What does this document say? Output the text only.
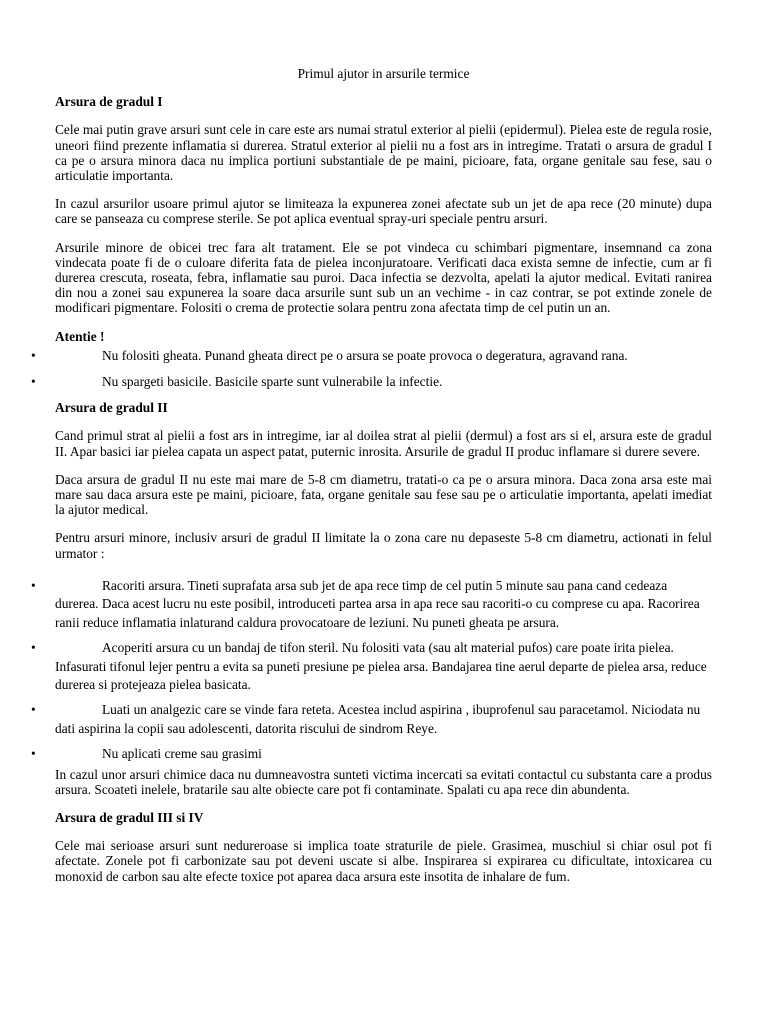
Primul ajutor in arsurile termice
Arsura de gradul I

Cele mai putin grave arsuri sunt cele in care este ars numai stratul exterior al pielii (epidermul). Pielea este de regula rosie, uneori fiind prezente inflamatia si durerea. Stratul exterior al pielii nu a fost ars in intregime. Tratati o arsura de gradul I ca pe o arsura minora daca nu implica portiuni substantiale de pe maini, picioare, fata, organe genitale sau fese, sau o articulatie importanta.

In cazul arsurilor usoare primul ajutor se limiteaza la expunerea zonei afectate sub un jet de apa rece (20 minute) dupa care se panseaza cu comprese sterile. Se pot aplica eventual spray-uri speciale pentru arsuri.

Arsurile minore de obicei trec fara alt tratament. Ele se pot vindeca cu schimbari pigmentare, insemnand ca zona vindecata poate fi de o culoare diferita fata de pielea inconjuratoare. Verificati daca exista semne de infectie, cum ar fi durerea crescuta, roseata, febra, inflamatie sau puroi. Daca infectia se dezvolta, apelati la ajutor medical. Evitati ranirea din nou a zonei sau expunerea la soare daca arsurile sunt sub un an vechime - in caz contrar, se pot extinde zonele de modificari pigmentare. Folositi o crema de protectie solara pentru zona afectata timp de cel putin un an.

Atentie !
•	Nu folositi gheata. Punand gheata direct pe o arsura se poate provoca o degeratura, agravand rana.
•	Nu spargeti basicile. Basicile sparte sunt vulnerabile la infectie.
Arsura de gradul II

Cand primul strat al pielii a fost ars in intregime, iar al doilea strat al pielii (dermul) a fost ars si el, arsura este de gradul II. Apar basici iar pielea capata un aspect patat, puternic inrosita. Arsurile de gradul II produc inflamare si durere severe.

Daca arsura de gradul II nu este mai mare de 5-8 cm diametru, tratati-o ca pe o arsura minora. Daca zona arsa este mai mare sau daca arsura este pe maini, picioare, fata, organe genitale sau fese sau pe o articulatie importanta, apelati imediat la ajutor medical.

Pentru arsuri minore, inclusiv arsuri de gradul II limitate la o zona care nu depaseste 5-8 cm diametru, actionati in felul urmator :

•	Racoriti arsura. Tineti suprafata arsa sub jet de apa rece timp de cel putin 5 minute sau pana cand cedeaza durerea. Daca acest lucru nu este posibil, introduceti partea arsa in apa rece sau racoriti-o cu comprese cu apa. Racorirea ranii reduce inflamatia inlaturand caldura provocatoare de leziuni. Nu puneti gheata pe arsura.
•	Acoperiti arsura cu un bandaj de tifon steril. Nu folositi vata (sau alt material pufos) care poate irita pielea. Infasurati tifonul lejer pentru a evita sa puneti presiune pe pielea arsa. Bandajarea tine aerul departe de pielea arsa, reduce durerea si protejeaza pielea basicata.
•	Luati un analgezic care se vinde fara reteta. Acestea includ aspirina , ibuprofenul sau paracetamol. Niciodata nu dati aspirina la copii sau adolescenti, datorita riscului de sindrom Reye.
•	Nu aplicati creme sau grasimi

In cazul unor arsuri chimice daca nu dumneavostra sunteti victima incercati sa evitati contactul cu substanta care a produs arsura. Scoateti inelele, bratarile sau alte obiecte care pot fi contaminate. Spalati cu apa rece din abundenta.

Arsura de gradul III si IV

Cele mai serioase arsuri sunt nedureroase si implica toate straturile de piele. Grasimea, muschiul si chiar osul pot fi afectate. Zonele pot fi carbonizate sau pot deveni uscate si albe. Inspirarea si expirarea cu dificultate, intoxicarea cu monoxid de carbon sau alte efecte toxice pot aparea daca arsura este insotita de inhalare de fum.
